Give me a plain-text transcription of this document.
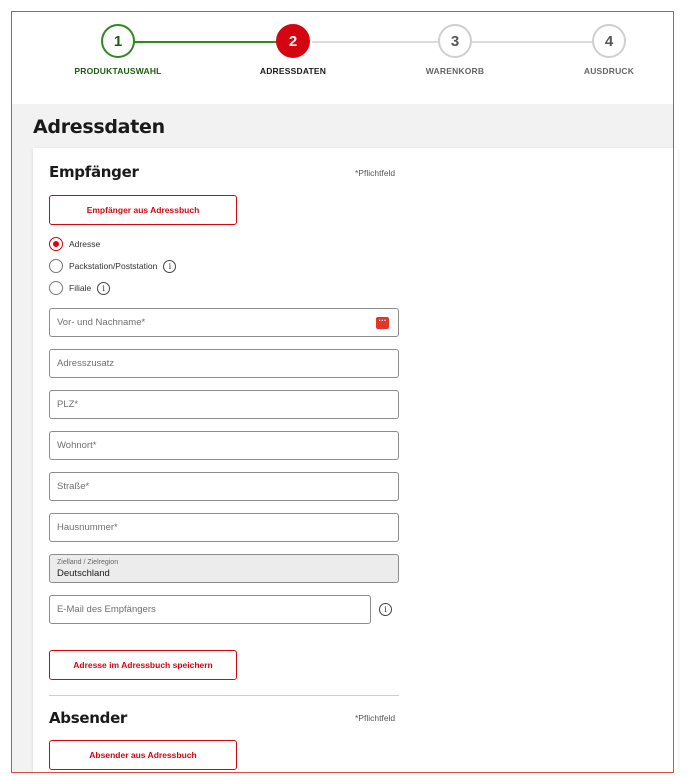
1
PRODUKTAUSWAHL
2
ADRESSDATEN
3
WARENKORB
4
AUSDRUCK
Adressdaten
Empfänger	*Pflichtfeld
Empfänger aus Adressbuch
Adresse
Packstation/Poststation	i
Filiale	i
Vor- und Nachname*	···
Adresszusatz
PLZ*
Wohnort*
Straße*
Hausnummer*
Zielland / Zielregion
Deutschland
E-Mail des Empfängers	i
Adresse im Adressbuch speichern
Absender	*Pflichtfeld
Absender aus Adressbuch
